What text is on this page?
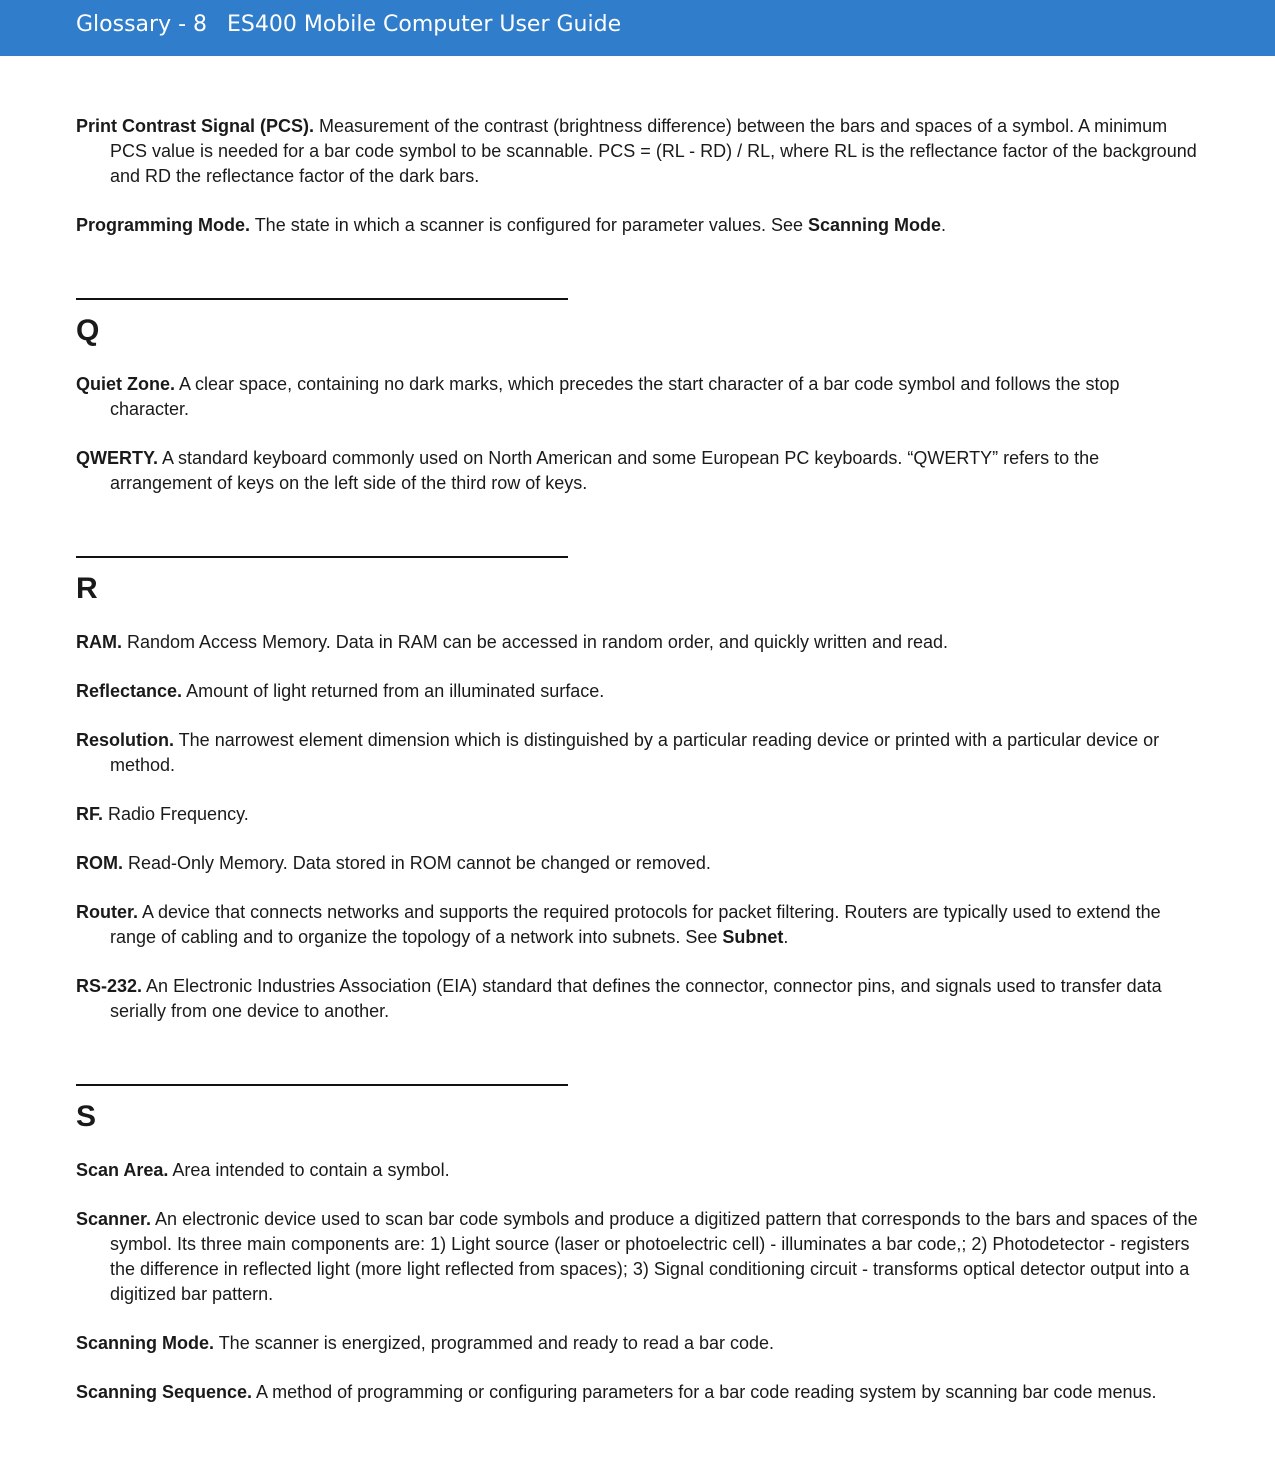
Glossary - 8 ES400 Mobile Computer User Guide

Print Contrast Signal (PCS). Measurement of the contrast (brightness difference) between the bars and spaces of a symbol. A minimum PCS value is needed for a bar code symbol to be scannable. PCS = (RL - RD) / RL, where RL is the reflectance factor of the background and RD the reflectance factor of the dark bars.

Programming Mode. The state in which a scanner is configured for parameter values. See Scanning Mode.

Q

Quiet Zone. A clear space, containing no dark marks, which precedes the start character of a bar code symbol and follows the stop character.

QWERTY. A standard keyboard commonly used on North American and some European PC keyboards. “QWERTY” refers to the arrangement of keys on the left side of the third row of keys.

R

RAM. Random Access Memory. Data in RAM can be accessed in random order, and quickly written and read.

Reflectance. Amount of light returned from an illuminated surface.

Resolution. The narrowest element dimension which is distinguished by a particular reading device or printed with a particular device or method.

RF. Radio Frequency.

ROM. Read-Only Memory. Data stored in ROM cannot be changed or removed.

Router. A device that connects networks and supports the required protocols for packet filtering. Routers are typically used to extend the range of cabling and to organize the topology of a network into subnets. See Subnet.

RS-232. An Electronic Industries Association (EIA) standard that defines the connector, connector pins, and signals used to transfer data serially from one device to another.

S

Scan Area. Area intended to contain a symbol.

Scanner. An electronic device used to scan bar code symbols and produce a digitized pattern that corresponds to the bars and spaces of the symbol. Its three main components are: 1) Light source (laser or photoelectric cell) - illuminates a bar code,; 2) Photodetector - registers the difference in reflected light (more light reflected from spaces); 3) Signal conditioning circuit - transforms optical detector output into a digitized bar pattern.

Scanning Mode. The scanner is energized, programmed and ready to read a bar code.

Scanning Sequence. A method of programming or configuring parameters for a bar code reading system by scanning bar code menus.
